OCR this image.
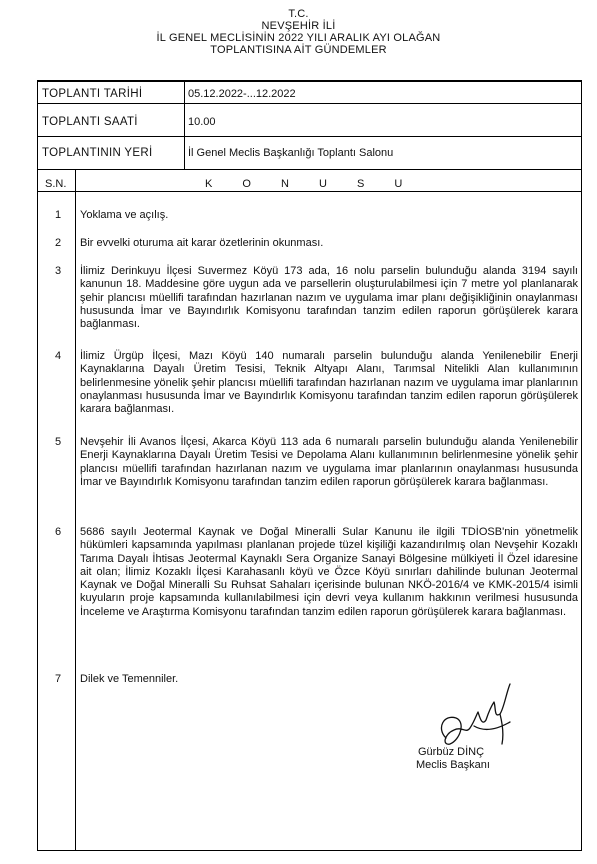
T.C.
NEVŞEHİR İLİ
İL GENEL MECLİSİNİN 2022 YILI ARALIK AYI OLAĞAN
TOPLANTISINA AİT GÜNDEMLER
TOPLANTI TARİHİ	05.12.2022-...12.2022
TOPLANTI SAATİ	10.00
TOPLANTININ YERİ	İl Genel Meclis Başkanlığı Toplantı Salonu
S.N.	K O N U S U
1 Yoklama ve açılış.
2 Bir evvelki oturuma ait karar özetlerinin okunması.
3 İlimiz Derinkuyu İlçesi Suvermez Köyü 173 ada, 16 nolu parselin bulunduğu alanda 3194 sayılı kanunun 18. Maddesine göre uygun ada ve parsellerin oluşturulabilmesi için 7 metre yol planlanarak şehir plancısı müellifi tarafından hazırlanan nazım ve uygulama imar planı değişikliğinin onaylanması hususunda İmar ve Bayındırlık Komisyonu tarafından tanzim edilen raporun görüşülerek karara bağlanması.
4 İlimiz Ürgüp İlçesi, Mazı Köyü 140 numaralı parselin bulunduğu alanda Yenilenebilir Enerji Kaynaklarına Dayalı Üretim Tesisi, Teknik Altyapı Alanı, Tarımsal Nitelikli Alan kullanımının belirlenmesine yönelik şehir plancısı müellifi tarafından hazırlanan nazım ve uygulama imar planlarının onaylanması hususunda İmar ve Bayındırlık Komisyonu tarafından tanzim edilen raporun görüşülerek karara bağlanması.
5 Nevşehir İli Avanos İlçesi, Akarca Köyü 113 ada 6 numaralı parselin bulunduğu alanda Yenilenebilir Enerji Kaynaklarına Dayalı Üretim Tesisi ve Depolama Alanı kullanımının belirlenmesine yönelik şehir plancısı müellifi tarafından hazırlanan nazım ve uygulama imar planlarının onaylanması hususunda İmar ve Bayındırlık Komisyonu tarafından tanzim edilen raporun görüşülerek karara bağlanması.
6 5686 sayılı Jeotermal Kaynak ve Doğal Mineralli Sular Kanunu ile ilgili TDİOSB'nin yönetmelik hükümleri kapsamında yapılması planlanan projede tüzel kişiliği kazandırılmış olan Nevşehir Kozaklı Tarıma Dayalı İhtisas Jeotermal Kaynaklı Sera Organize Sanayi Bölgesine mülkiyeti İl Özel idaresine ait olan; İlimiz Kozaklı İlçesi Karahasanlı köyü ve Özce Köyü sınırları dahilinde bulunan Jeotermal Kaynak ve Doğal Mineralli Su Ruhsat Sahaları içerisinde bulunan NKÖ-2016/4 ve KMK-2015/4 isimli kuyuların proje kapsamında kullanılabilmesi için devri veya kullanım hakkının verilmesi hususunda İnceleme ve Araştırma Komisyonu tarafından tanzim edilen raporun görüşülerek karara bağlanması.
7 Dilek ve Temenniler.
Gürbüz DİNÇ
Meclis Başkanı
